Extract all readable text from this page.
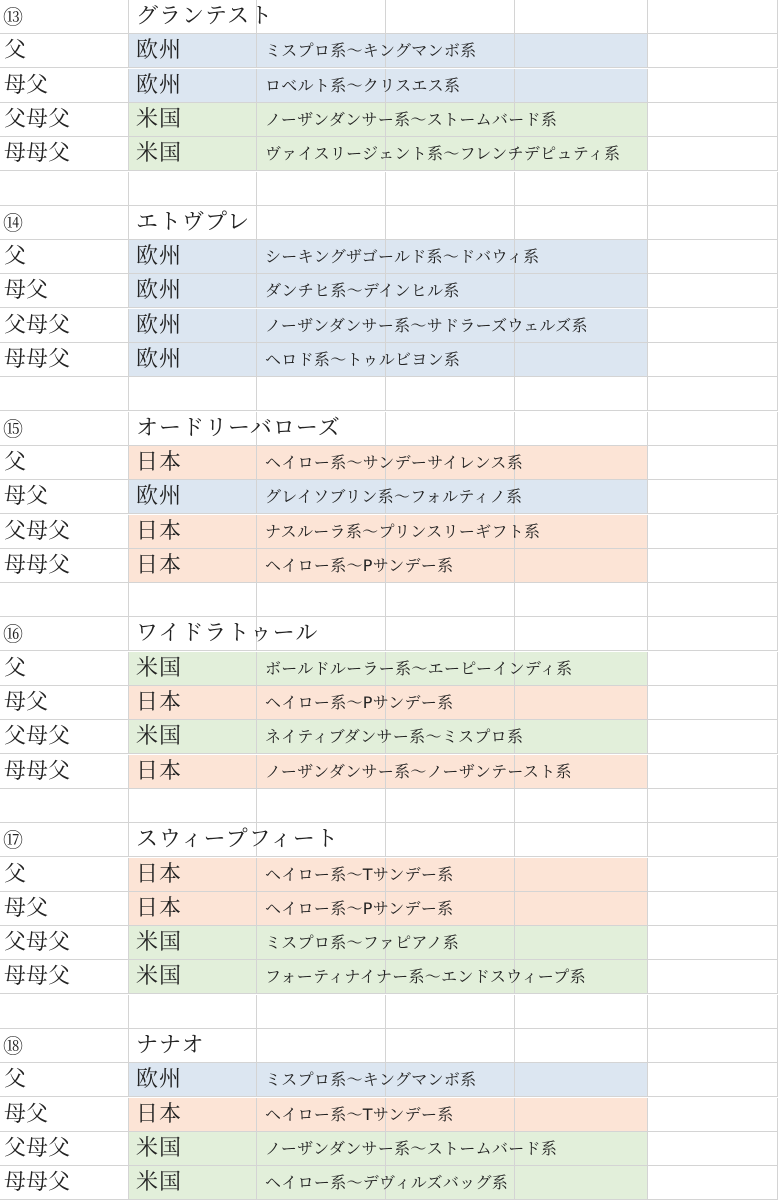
⑬	グランテスト
父	欧州	ミスプロ系〜キングマンボ系
母父	欧州	ロベルト系〜クリスエス系
父母父	米国	ノーザンダンサー系〜ストームバード系
母母父	米国	ヴァイスリージェント系〜フレンチデピュティ系
⑭	エトヴプレ
父	欧州	シーキングザゴールド系〜ドバウィ系
母父	欧州	ダンチヒ系〜デインヒル系
父母父	欧州	ノーザンダンサー系〜サドラーズウェルズ系
母母父	欧州	ヘロド系〜トゥルビヨン系
⑮	オードリーバローズ
父	日本	ヘイロー系〜サンデーサイレンス系
母父	欧州	グレイソブリン系〜フォルティノ系
父母父	日本	ナスルーラ系〜プリンスリーギフト系
母母父	日本	ヘイロー系〜Pサンデー系
⑯	ワイドラトゥール
父	米国	ボールドルーラー系〜エーピーインディ系
母父	日本	ヘイロー系〜Pサンデー系
父母父	米国	ネイティブダンサー系〜ミスプロ系
母母父	日本	ノーザンダンサー系〜ノーザンテースト系
⑰	スウィープフィート
父	日本	ヘイロー系〜Tサンデー系
母父	日本	ヘイロー系〜Pサンデー系
父母父	米国	ミスプロ系〜ファピアノ系
母母父	米国	フォーティナイナー系〜エンドスウィープ系
⑱	ナナオ
父	欧州	ミスプロ系〜キングマンボ系
母父	日本	ヘイロー系〜Tサンデー系
父母父	米国	ノーザンダンサー系〜ストームバード系
母母父	米国	ヘイロー系〜デヴィルズバッグ系
